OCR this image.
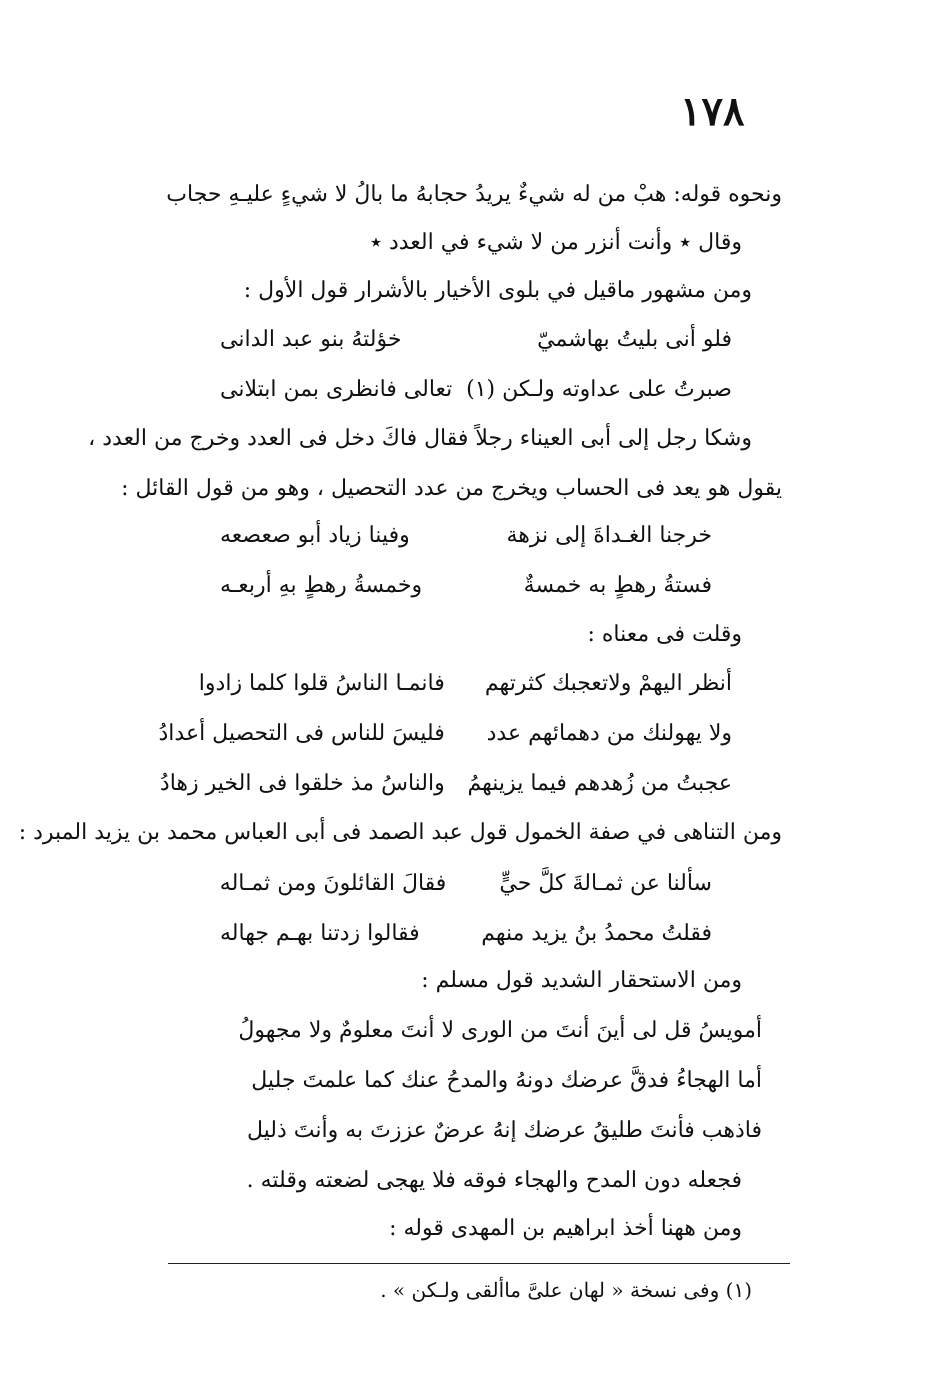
١٧٨
ونحوه قوله: هبْ من له شيءٌ يريدُ حجابهُ ما بالُ لا شيءٍ عليـهِ حجاب
وقال ٭ وأنت أنزر من لا شيء في العدد ٭
ومن مشهور ماقيل في بلوى الأخيار بالأشرار قول الأول :
فلو أنى بليتُ بهاشميّ
خؤلتهُ بنو عبد الدانى
صبرتُ على عداوته ولـكن (١)
تعالى فانظرى بمن ابتلانى
وشكا رجل إلى أبى العيناء رجلاً فقال فاكَ دخل فى العدد وخرج من العدد ،
يقول هو يعد فى الحساب ويخرج من عدد التحصيل ، وهو من قول القائل :
خرجنا الغـداةَ إلى نزهة
وفينا زياد أبو صعصعه
فستةُ رهطٍ به خمسةٌ
وخمسةُ رهطٍ بهِ أربعـه
وقلت فى معناه :
أنظر اليهمْ ولاتعجبك كثرتهم
فانمـا الناسُ قلوا كلما زادوا
ولا يهولنك من دهمائهم عدد
فليسَ للناس فى التحصيل أعدادُ
عجبتُ من زُهدهم فيما يزينهمُ
والناسُ مذ خلقوا فى الخير زهادُ
ومن التناهى في صفة الخمول قول عبد الصمد فى أبى العباس محمد بن يزيد المبرد :
سألنا عن ثمـالةَ كلَّ حيٍّ
فقالَ القائلونَ ومن ثمـاله
فقلتُ محمدُ بنُ يزيد منهم
فقالوا زدتنا بهـم جهاله
ومن الاستحقار الشديد قول مسلم :
أمويسُ قل لى أينَ أنتَ من الورى لا أنتَ معلومٌ ولا مجهولُ
أما الهجاءُ فدقَّ عرضك دونهُ والمدحُ عنك كما علمتَ جليل
فاذهب فأنتَ طليقُ عرضك إنهُ عرضٌ عززتَ به وأنتَ ذليل
فجعله دون المدح والهجاء فوقه فلا يهجى لضعته وقلته .
ومن ههنا أخذ ابراهيم بن المهدى قوله :
(١) وفى نسخة « لهان علىَّ ماألقى ولـكن » .
